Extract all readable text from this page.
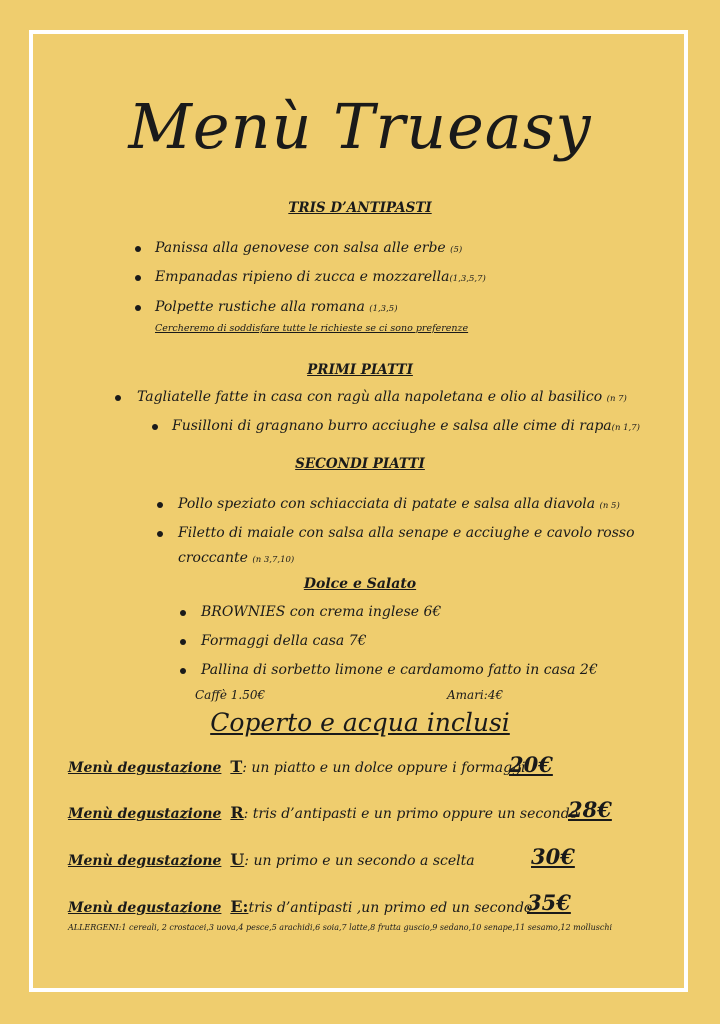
Menù Trueasy
TRIS D’ANTIPASTI
Panissa alla genovese con salsa alle erbe (5)
Empanadas ripieno di zucca e mozzarella(1,3,5,7)
Polpette rustiche alla romana (1,3,5)
Cercheremo di soddisfare tutte le richieste se ci sono preferenze
PRIMI PIATTI
Tagliatelle fatte in casa con ragù alla napoletana e olio al basilico (n 7)
Fusilloni di gragnano burro acciughe e salsa alle cime di rapa(n 1,7)
SECONDI PIATTI
Pollo speziato con schiacciata di patate e salsa alla diavola (n 5)
Filetto di maiale con salsa alla senape e acciughe e cavolo rosso
croccante (n 3,7,10)
Dolce e Salato
BROWNIES con crema inglese 6€
Formaggi della casa 7€
Pallina di sorbetto limone e cardamomo fatto in casa 2€
Caffè 1.50€	Amari:4€
Coperto e acqua inclusi
Menù degustazione T: un piatto e un dolce oppure i formaggi
20€
Menù degustazione R: tris d’antipasti e un primo oppure un secondo
28€
Menù degustazione U: un primo e un secondo a scelta	30€
Menù degustazione E:tris d’antipasti ,un primo ed un secondo
35€
ALLERGENI:1 cereali, 2 crostacei,3 uova,4 pesce,5 arachidi,6 soia,7 latte,8 frutta guscio,9 sedano,10 senape,11 sesamo,12 molluschi
